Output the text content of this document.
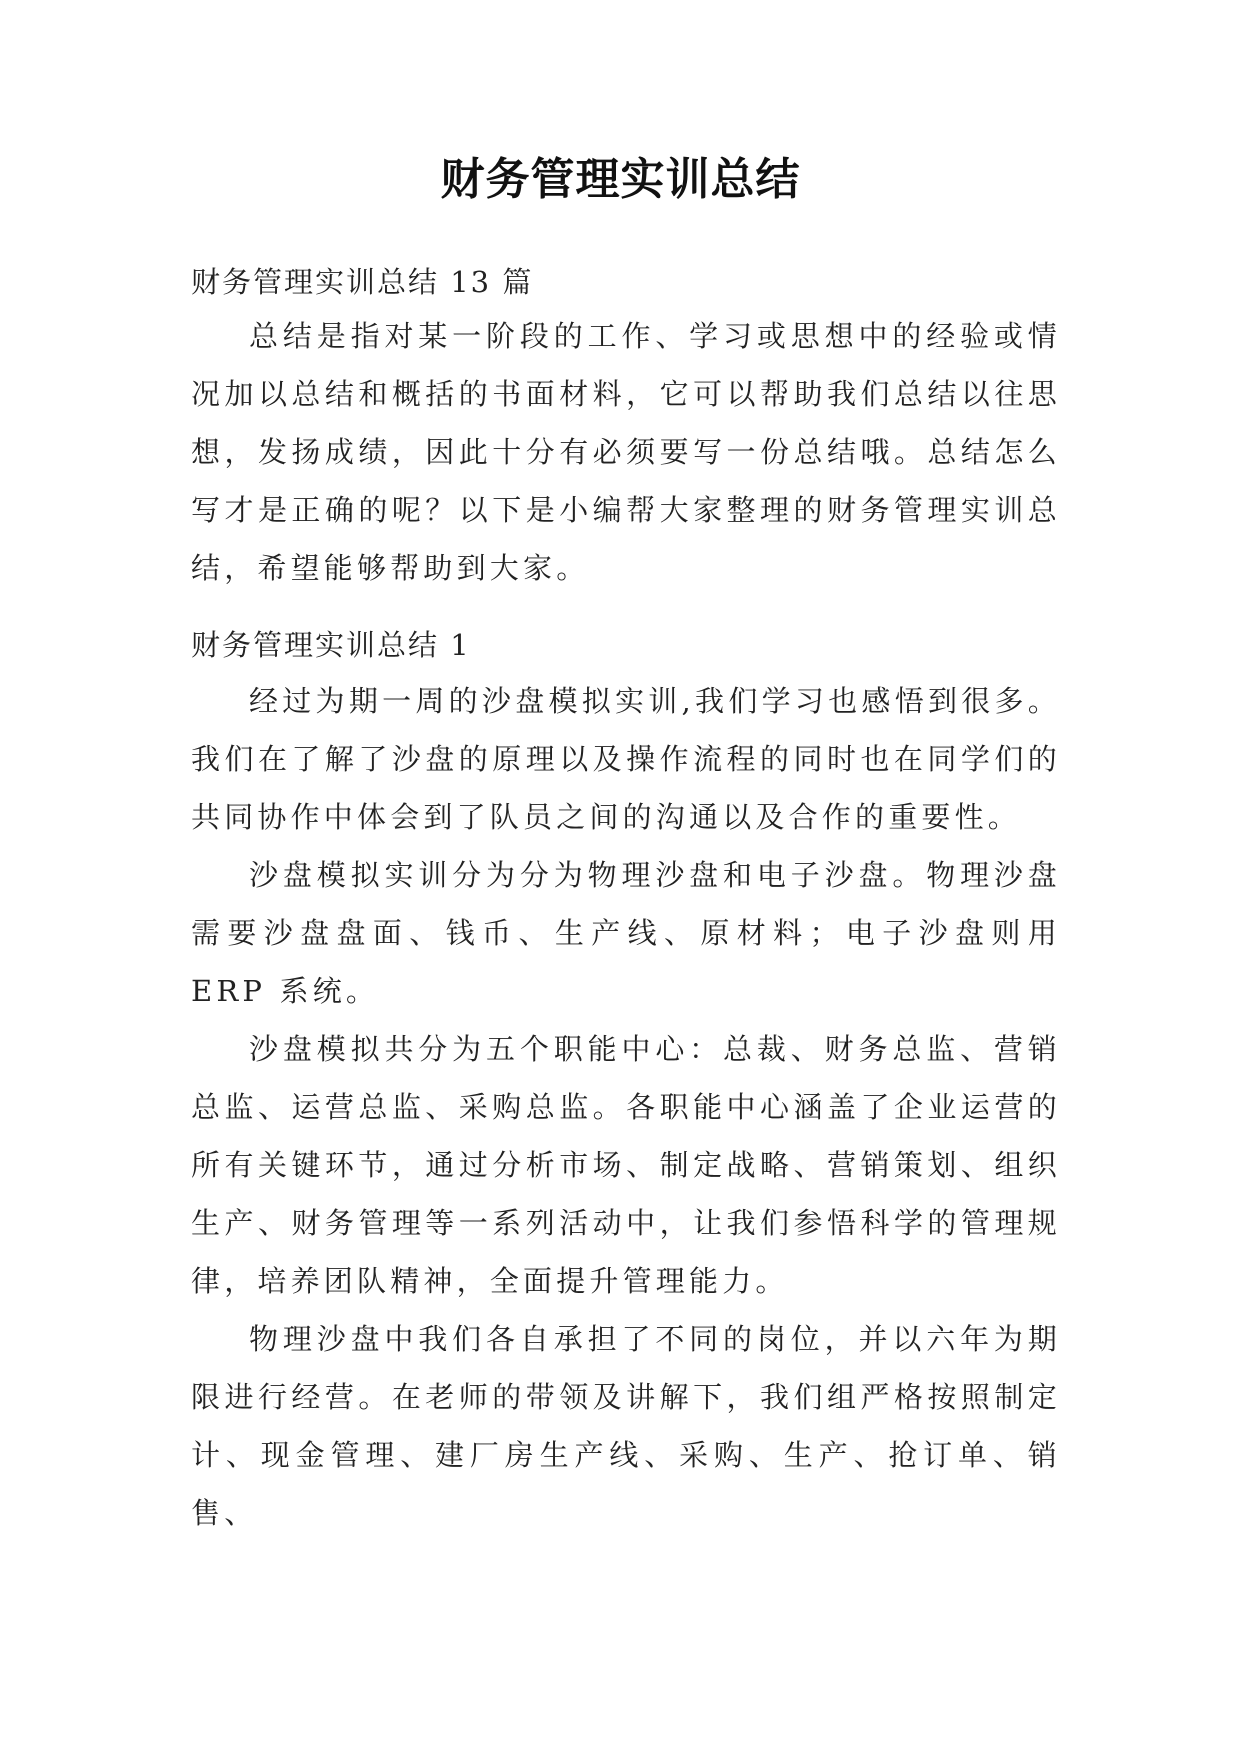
财务管理实训总结

财务管理实训总结 13 篇

总结是指对某一阶段的工作、学习或思想中的经验或情况加以总结和概括的书面材料，它可以帮助我们总结以往思想，发扬成绩，因此十分有必须要写一份总结哦。总结怎么写才是正确的呢？以下是小编帮大家整理的财务管理实训总结，希望能够帮助到大家。

财务管理实训总结 1

经过为期一周的沙盘模拟实训,我们学习也感悟到很多。我们在了解了沙盘的原理以及操作流程的同时也在同学们的共同协作中体会到了队员之间的沟通以及合作的重要性。

沙盘模拟实训分为分为物理沙盘和电子沙盘。物理沙盘需要沙盘盘面、钱币、生产线、原材料；电子沙盘则用 ERP 系统。

沙盘模拟共分为五个职能中心：总裁、财务总监、营销总监、运营总监、采购总监。各职能中心涵盖了企业运营的所有关键环节，通过分析市场、制定战略、营销策划、组织生产、财务管理等一系列活动中，让我们参悟科学的管理规律，培养团队精神，全面提升管理能力。

物理沙盘中我们各自承担了不同的岗位，并以六年为期限进行经营。在老师的带领及讲解下，我们组严格按照制定计、现金管理、建厂房生产线、采购、生产、抢订单、销售、
